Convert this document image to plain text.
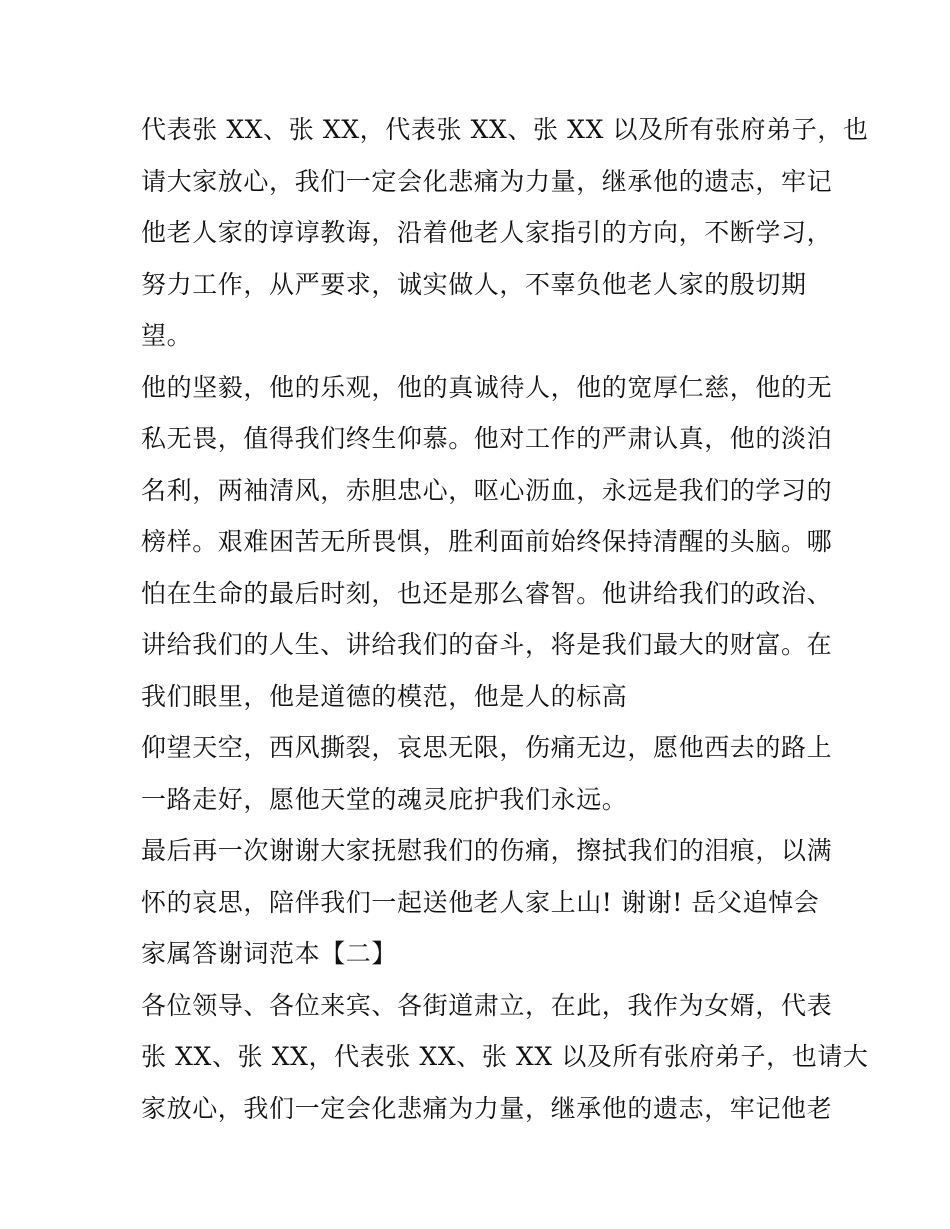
代表张 XX、张 XX，代表张 XX、张 XX 以及所有张府弟子，也
请大家放心，我们一定会化悲痛为力量，继承他的遗志，牢记
他老人家的谆谆教诲，沿着他老人家指引的方向，不断学习，
努力工作，从严要求，诚实做人，不辜负他老人家的殷切期
望。
他的坚毅，他的乐观，他的真诚待人，他的宽厚仁慈，他的无
私无畏，值得我们终生仰慕。他对工作的严肃认真，他的淡泊
名利，两袖清风，赤胆忠心，呕心沥血，永远是我们的学习的
榜样。艰难困苦无所畏惧，胜利面前始终保持清醒的头脑。哪
怕在生命的最后时刻，也还是那么睿智。他讲给我们的政治、
讲给我们的人生、讲给我们的奋斗，将是我们最大的财富。在
我们眼里，他是道德的模范，他是人的标高
仰望天空，西风撕裂，哀思无限，伤痛无边，愿他西去的路上
一路走好，愿他天堂的魂灵庇护我们永远。
最后再一次谢谢大家抚慰我们的伤痛，擦拭我们的泪痕，以满
怀的哀思，陪伴我们一起送他老人家上山! 谢谢! 岳父追悼会
家属答谢词范本【二】
各位领导、各位来宾、各街道肃立，在此，我作为女婿，代表
张 XX、张 XX，代表张 XX、张 XX 以及所有张府弟子，也请大
家放心，我们一定会化悲痛为力量，继承他的遗志，牢记他老
